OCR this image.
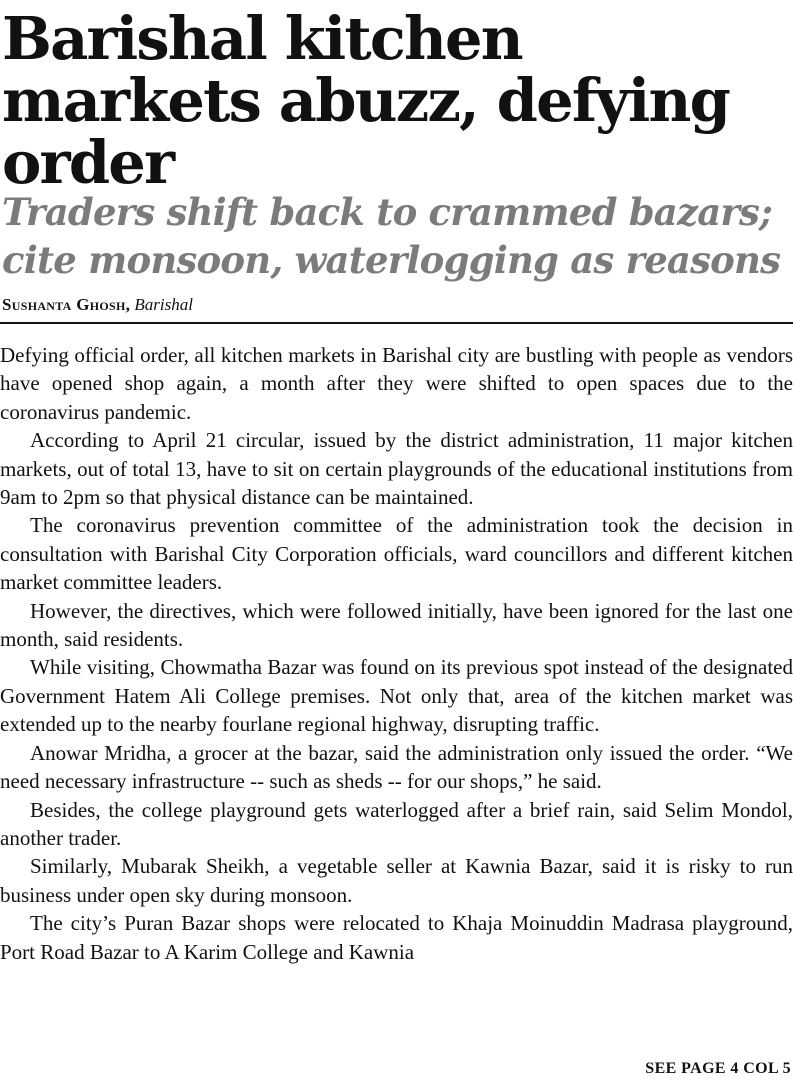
Barishal kitchen markets abuzz, defying order
Traders shift back to crammed bazars; cite monsoon, waterlogging as reasons
Sushanta Ghosh, Barishal

Defying official order, all kitchen markets in Barishal city are bustling with people as vendors have opened shop again, a month after they were shifted to open spaces due to the coronavirus pandemic.

According to April 21 circular, issued by the district administration, 11 major kitchen markets, out of total 13, have to sit on certain playgrounds of the educational institutions from 9am to 2pm so that physical distance can be maintained.

The coronavirus prevention committee of the administration took the decision in consultation with Barishal City Corporation officials, ward councillors and different kitchen market committee leaders.

However, the directives, which were followed initially, have been ignored for the last one month, said residents.

While visiting, Chowmatha Bazar was found on its previous spot instead of the designated Government Hatem Ali College premises. Not only that, area of the kitchen market was extended up to the nearby fourlane regional highway, disrupting traffic.

Anowar Mridha, a grocer at the bazar, said the administration only issued the order. “We need necessary infrastructure -- such as sheds -- for our shops,” he said.

Besides, the college playground gets waterlogged after a brief rain, said Selim Mondol, another trader.

Similarly, Mubarak Sheikh, a vegetable seller at Kawnia Bazar, said it is risky to run business under open sky during monsoon.

The city’s Puran Bazar shops were relocated to Khaja Moinuddin Madrasa playground, Port Road Bazar to A Karim College and Kawnia

SEE PAGE 4 COL 5
